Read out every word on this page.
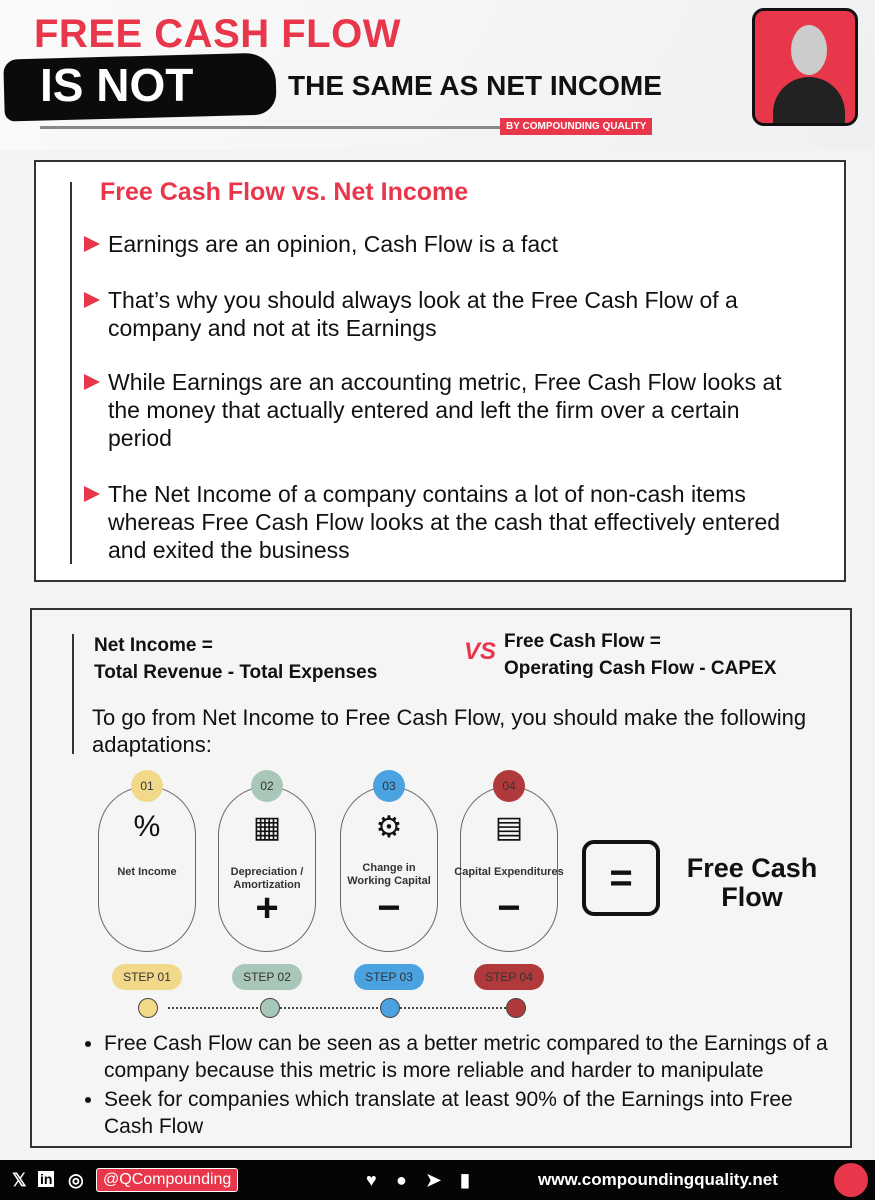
FREE CASH FLOW
IS NOT	THE SAME AS NET INCOME
BY COMPOUNDING QUALITY
Free Cash Flow vs. Net Income
Earnings are an opinion, Cash Flow is a fact
That’s why you should always look at the Free Cash Flow of a company and not at its Earnings
While Earnings are an accounting metric, Free Cash Flow looks at the money that actually entered and left the firm over a certain period
The Net Income of a company contains a lot of non-cash items whereas Free Cash Flow looks at the cash that effectively entered and exited the business
Net Income =
Total Revenue - Total Expenses
VS Free Cash Flow =
Operating Cash Flow - CAPEX
To go from Net Income to Free Cash Flow, you should make the following adaptations:
01	02	03	04
%	▦	⚙	▤
Net Income	Depreciation / Amortization
Change in Working Capital
Capital Expenditures
+	−	−
=	Free Cash Flow
STEP 01	STEP 02	STEP 03	STEP 04
• Free Cash Flow can be seen as a better metric compared to the Earnings of a company because this metric is more reliable and harder to manipulate
• Seek for companies which translate at least 90% of the Earnings into Free Cash Flow
𝕏 in ◎	@QCompounding	♥ ● ➤ ▮	www.compoundingquality.net
